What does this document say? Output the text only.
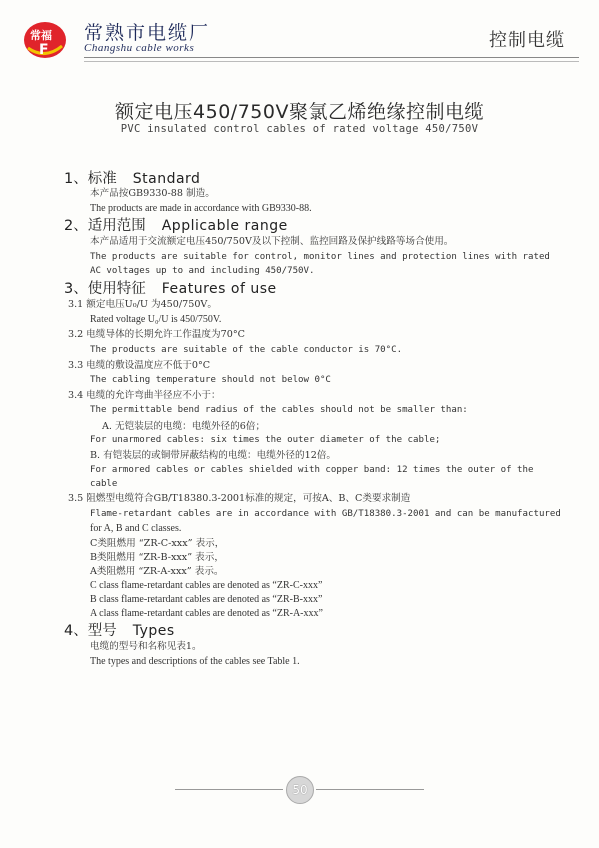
常福
F
常熟市电缆厂
Changshu cable works	控制电缆
额定电压450/750V聚氯乙烯绝缘控制电缆
PVC insulated control cables of rated voltage 450/750V
1、标准 Standard
本产品按GB9330-88 制造。
The products are made in accordance with GB9330-88.
2、适用范围 Applicable range
本产品适用于交流额定电压450/750V及以下控制、监控回路及保护线路等场合使用。
The products are suitable for control, monitor lines and protection lines with rated
AC voltages up to and including 450/750V.
3、使用特征 Features of use
3.1 额定电压U₀/U 为450/750V。
Rated voltage U₀/U is 450/750V.
3.2 电缆导体的长期允许工作温度为70°C
The products are suitable of the cable conductor is 70°C.
3.3 电缆的敷设温度应不低于0°C
The cabling temperature should not below 0°C
3.4 电缆的允许弯曲半径应不小于：
The permittable bend radius of the cables should not be smaller than:
A. 无铠装层的电缆：电缆外径的6倍；
For unarmored cables: six times the outer diameter of the cable;
B. 有铠装层的或铜带屏蔽结构的电缆：电缆外径的12倍。
For armored cables or cables shielded with copper band: 12 times the outer of the
cable
3.5 阻燃型电缆符合GB/T18380.3-2001标准的规定，可按A、B、C类要求制造
Flame-retardant cables are in accordance with GB/T18380.3-2001 and can be manufactured
for A, B and C classes.
C类阻燃用 “ZR-C-xxx” 表示，
B类阻燃用 “ZR-B-xxx” 表示，
A类阻燃用 “ZR-A-xxx” 表示。
C class flame-retardant cables are denoted as “ZR-C-xxx”
B class flame-retardant cables are denoted as “ZR-B-xxx”
A class flame-retardant cables are denoted as “ZR-A-xxx”
4、型号 Types
电缆的型号和名称见表1。
The types and descriptions of the cables see Table 1.
50
